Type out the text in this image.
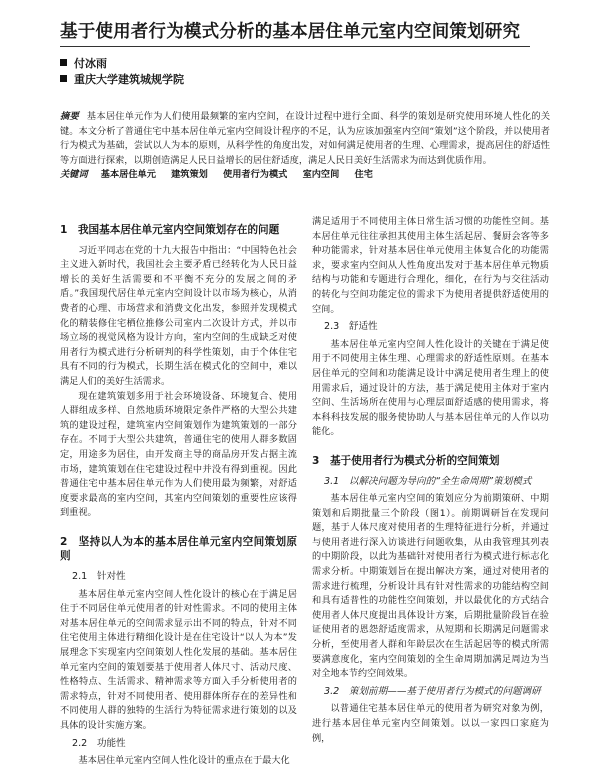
基于使用者行为模式分析的基本居住单元室内空间策划研究
付冰雨
重庆大学建筑城规学院
摘要 基本居住单元作为人们使用最频繁的室内空间，在设计过程中进行全面、科学的策划是研究使用环境人性化的关键。本文分析了普通住宅中基本居住单元室内空间设计程序的不足，认为应该加强室内空间“策划”这个阶段，并以使用者行为模式为基础，尝试以人为本的原则，从科学性的角度出发，对如何满足使用者的生理、心理需求，提高居住的舒适性等方面进行探索，以期创造满足人民日益增长的居住舒适度，满足人民日美好生活需求为而达到优质作用。
关键词 基本居住单元 建筑策划 使用者行为模式 室内空间 住宅
1　我国基本居住单元室内空间策划存在的问题

习近平同志在党的十九大报告中指出：“中国特色社会主义进入新时代，我国社会主要矛盾已经转化为人民日益增长的美好生活需要和不平衡不充分的发展之间的矛盾。”我国现代居住单元室内空间设计以市场为核心，从消费者的心理、市场营求和消费文化出发，参照并发现模式化的精装修住宅栖位推修公司室内二次设计方式，并以市场立场的视觉风格为设计方向，室内空间的生成缺乏对使用者行为模式进行分析研判的科学性策划，由于个体住宅具有不同的行为模式，长期生活在模式化的空间中，难以满足人们的美好生活需求。

现在建筑策划多用于社会环境设备、环境复合、使用人群组成多样、自然地质环境限定条件严格的大型公共建筑的建设过程，建筑室内空间策划作为建筑策划的一部分存在。不同于大型公共建筑，普通住宅的使用人群多数固定，用途多为居住，由开发商主导的商品房开发占据主流市场，建筑策划在住宅建设过程中并没有得到重视。因此普通住宅中基本居住单元作为人们使用最为频繁，对舒适度要求最高的室内空间，其室内空间策划的重要性应该得到重视。

2　坚持以人为本的基本居住单元室内空间策划原则
2.1　针对性

基本居住单元室内空间人性化设计的核心在于满足居住于不同居住单元使用者的针对性需求。不同的使用主体对基本居住单元的空间需求显示出不同的特点，针对不同住宅使用主体进行精细化设计是在住宅设计“以人为本”发展理念下实现室内空间策划人性化发展的基础。基本居住单元室内空间的策划要基于使用者人体尺寸、活动尺度、性格特点、生活需求、精神需求等方面入手分析使用者的需求特点，针对不同使用者、使用群体所存在的差异性和不同使用人群的独特的生活行为特征需求进行策划的以及具体的设计实施方案。

2.2　功能性

基本居住单元室内空间人性化设计的重点在于最大化

满足适用于不同使用主体日常生活习惯的功能性空间。基本居住单元往往承担其使用主体生活起居、餐厨会客等多种功能需求，针对基本居住单元使用主体复合化的功能需求，要求室内空间从人性角度出发对于基本居住单元物质结构与功能和专题进行合理化，细化，在行为与交往活动的转化与空间功能定位的需求下为使用者提供舒适使用的空间。

2.3　舒适性

基本居住单元室内空间人性化设计的关键在于满足使用于不同使用主体生理、心理需求的舒适性原则。在基本居住单元的空间和功能满足设计中满足使用者生理上的使用需求后，通过设计的方法，基于满足使用主体对于室内空间、生活场所在使用与心理层面舒适感的使用需求，将本科科技发展的服务使协助人与基本居住单元的人作以功能化。

3　基于使用者行为模式分析的空间策划
3.1　以解决问题为导向的“全生命周期”策划模式

基本居住单元室内空间的策划应分为前期策研、中期策划和后期批量三个阶段（图1）。前期调研旨在发现问题，基于人体尺度对使用者的生理特征进行分析，并通过与使用者进行深入访谈进行问题收集，从由我管理其列表的中期阶段，以此为基础针对使用者行为模式进行标志化需求分析。中期策划旨在提出解决方案，通过对使用者的需求进行梳理，分析设计具有针对性需求的功能结构空间和具有适普性的功能性空间策划，并以最优化的方式结合使用者人体尺度提出具体设计方案，后期批量阶段旨在验证使用者的恩怨舒适度需求，从短期和长期满足问题需求分析，至使用者人群和年龄层次在生活起居等的模式所需要满意度化，室内空间策划的全生命周期加满足周边为当对全地本节约空间效果。

3.2　策划前期——基于使用者行为模式的问题调研

以普通住宅基本居住单元的使用者为研究对象为例，进行基本居住单元室内空间策划。以以一家四口家庭为例，
